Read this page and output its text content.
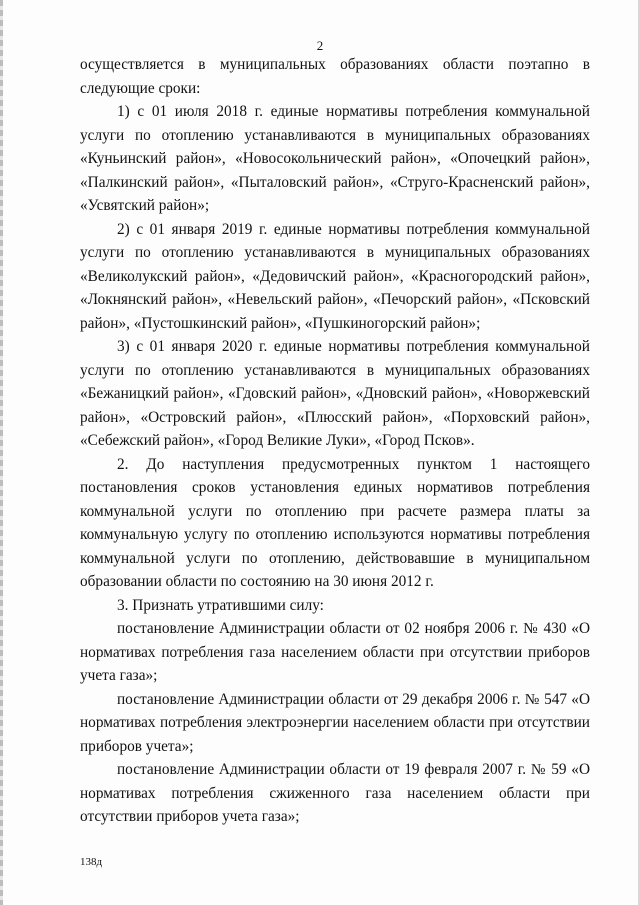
2

осуществляется в муниципальных образованиях области поэтапно в следующие сроки:

1) с 01 июля 2018 г. единые нормативы потребления коммунальной услуги по отоплению устанавливаются в муниципальных образованиях «Куньинский район», «Новосокольнический район», «Опочецкий район», «Палкинский район», «Пыталовский район», «Струго-Красненский район», «Усвятский район»;

2) с 01 января 2019 г. единые нормативы потребления коммунальной услуги по отоплению устанавливаются в муниципальных образованиях «Великолукский район», «Дедовичский район», «Красногородский район», «Локнянский район», «Невельский район», «Печорский район», «Псковский район», «Пустошкинский район», «Пушкиногорский район»;

3) с 01 января 2020 г. единые нормативы потребления коммунальной услуги по отоплению устанавливаются в муниципальных образованиях «Бежаницкий район», «Гдовский район», «Дновский район», «Новоржевский район», «Островский район», «Плюсский район», «Порховский район», «Себежский район», «Город Великие Луки», «Город Псков».

2. До наступления предусмотренных пунктом 1 настоящего постановления сроков установления единых нормативов потребления коммунальной услуги по отоплению при расчете размера платы за коммунальную услугу по отоплению используются нормативы потребления коммунальной услуги по отоплению, действовавшие в муниципальном образовании области по состоянию на 30 июня 2012 г.

3. Признать утратившими силу:

постановление Администрации области от 02 ноября 2006 г. № 430 «О нормативах потребления газа населением области при отсутствии приборов учета газа»;

постановление Администрации области от 29 декабря 2006 г. № 547 «О нормативах потребления электроэнергии населением области при отсутствии приборов учета»;

постановление Администрации области от 19 февраля 2007 г. № 59 «О нормативах потребления сжиженного газа населением области при отсутствии приборов учета газа»;

138д
